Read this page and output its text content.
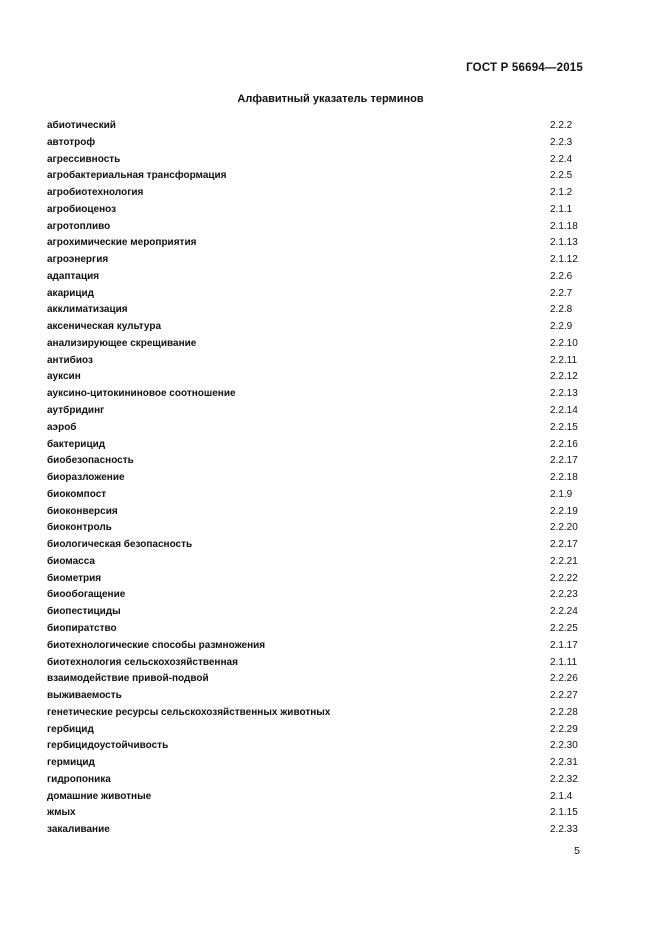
ГОСТ Р 56694—2015
Алфавитный указатель терминов
абиотический	2.2.2
автотроф	2.2.3
агрессивность	2.2.4
агробактериальная трансформация	2.2.5
агробиотехнология	2.1.2
агробиоценоз	2.1.1
агротопливо	2.1.18
агрохимические мероприятия	2.1.13
агроэнергия	2.1.12
адаптация	2.2.6
акарицид	2.2.7
акклиматизация	2.2.8
аксеническая культура	2.2.9
анализирующее скрещивание	2.2.10
антибиоз	2.2.11
ауксин	2.2.12
ауксино-цитокининовое соотношение	2.2.13
аутбридинг	2.2.14
аэроб	2.2.15
бактерицид	2.2.16
биобезопасность	2.2.17
биоразложение	2.2.18
биокомпост	2.1.9
биоконверсия	2.2.19
биоконтроль	2.2.20
биологическая безопасность	2.2.17
биомасса	2.2.21
биометрия	2.2.22
биообогащение	2.2.23
биопестициды	2.2.24
биопиратство	2.2.25
биотехнологические способы размножения	2.1.17
биотехнология сельскохозяйственная	2.1.11
взаимодействие привой-подвой	2.2.26
выживаемость	2.2.27
генетические ресурсы сельскохозяйственных животных	2.2.28
гербицид	2.2.29
гербицидоустойчивость	2.2.30
гермицид	2.2.31
гидропоника	2.2.32
домашние животные	2.1.4
жмых	2.1.15
закаливание	2.2.33
5
